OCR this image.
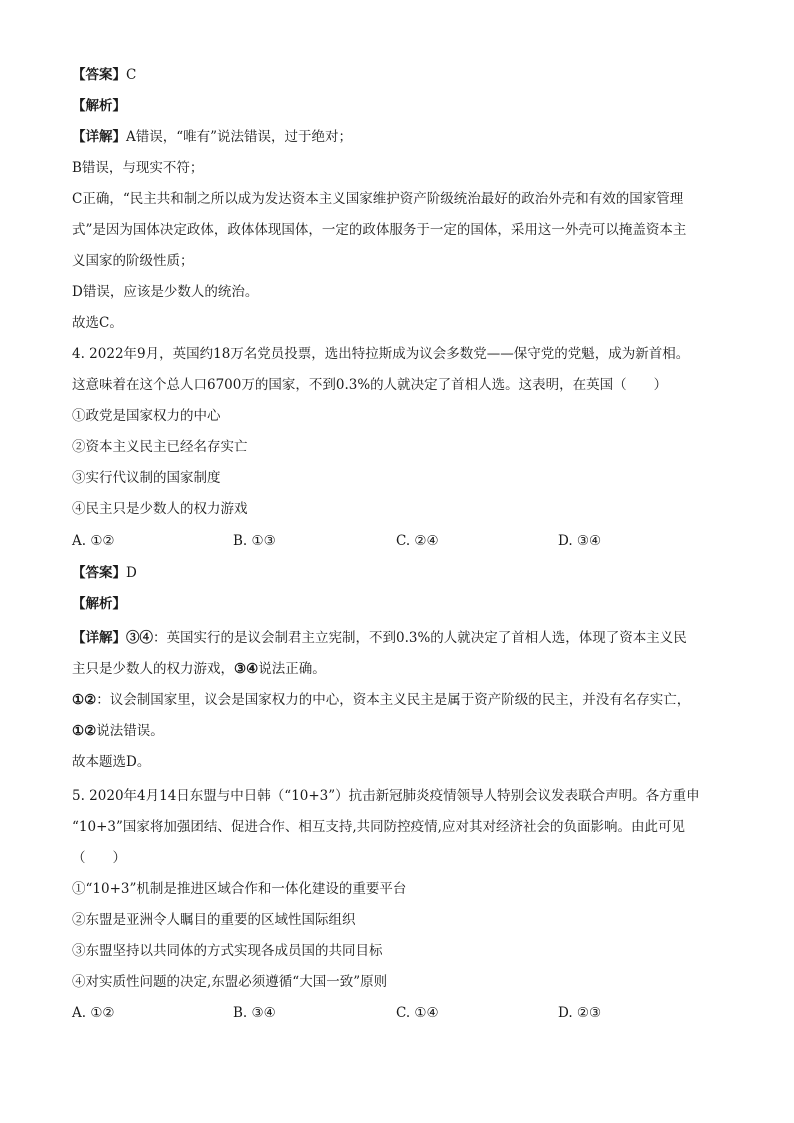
【答案】C
【解析】
【详解】A错误，“唯有”说法错误，过于绝对；
B错误，与现实不符；
C正确，“民主共和制之所以成为发达资本主义国家维护资产阶级统治最好的政治外壳和有效的国家管理
式”是因为国体决定政体，政体体现国体，一定的政体服务于一定的国体，采用这一外壳可以掩盖资本主
义国家的阶级性质；
D错误，应该是少数人的统治。
故选C。
4. 2022年9月，英国约18万名党员投票，选出特拉斯成为议会多数党——保守党的党魁，成为新首相。
这意味着在这个总人口6700万的国家，不到0.3%的人就决定了首相人选。这表明，在英国（　　）
①政党是国家权力的中心
②资本主义民主已经名存实亡
③实行代议制的国家制度
④民主只是少数人的权力游戏
A. ①②	B. ①③	C. ②④	D. ③④
【答案】D
【解析】
【详解】③④：英国实行的是议会制君主立宪制，不到0.3%的人就决定了首相人选，体现了资本主义民
主只是少数人的权力游戏，③④说法正确。
①②：议会制国家里，议会是国家权力的中心，资本主义民主是属于资产阶级的民主，并没有名存实亡，
①②说法错误。
故本题选D。
5. 2020年4月14日东盟与中日韩（“10+3”）抗击新冠肺炎疫情领导人特别会议发表联合声明。各方重申
“10+3”国家将加强团结、促进合作、相互支持,共同防控疫情,应对其对经济社会的负面影响。由此可见
（　　）
①“10+3”机制是推进区域合作和一体化建设的重要平台
②东盟是亚洲令人瞩目的重要的区域性国际组织
③东盟坚持以共同体的方式实现各成员国的共同目标
④对实质性问题的决定,东盟必须遵循“大国一致”原则
A. ①②	B. ③④	C. ①④	D. ②③
